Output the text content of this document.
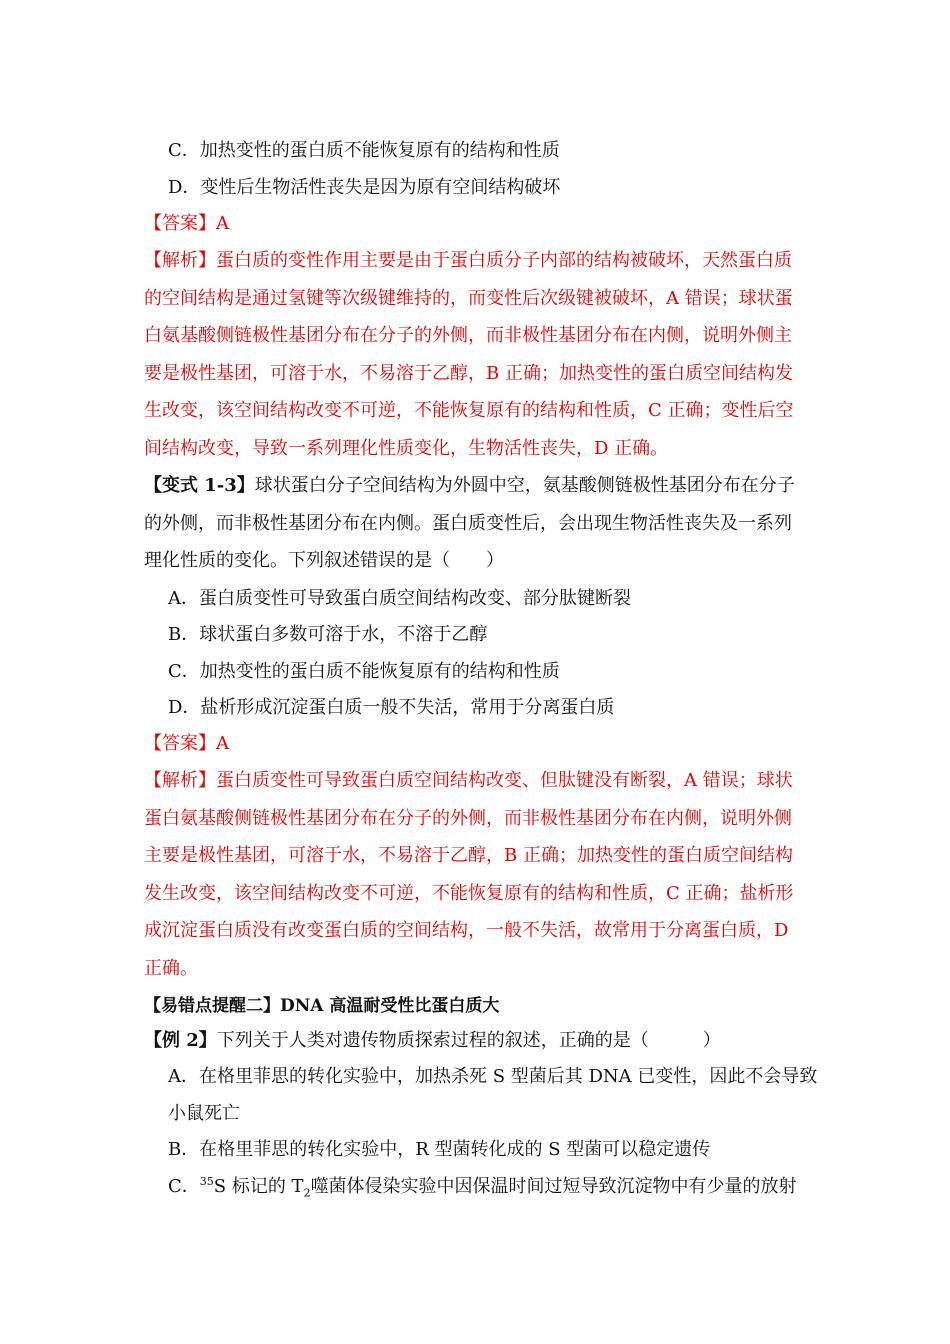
C．加热变性的蛋白质不能恢复原有的结构和性质
D．变性后生物活性丧失是因为原有空间结构破坏
【答案】A
【解析】蛋白质的变性作用主要是由于蛋白质分子内部的结构被破坏，天然蛋白质
的空间结构是通过氢键等次级键维持的，而变性后次级键被破坏，A 错误；球状蛋
白氨基酸侧链极性基团分布在分子的外侧，而非极性基团分布在内侧，说明外侧主
要是极性基团，可溶于水，不易溶于乙醇，B 正确；加热变性的蛋白质空间结构发
生改变，该空间结构改变不可逆，不能恢复原有的结构和性质，C 正确；变性后空
间结构改变，导致一系列理化性质变化，生物活性丧失，D 正确。
【变式 1-3】球状蛋白分子空间结构为外圆中空，氨基酸侧链极性基团分布在分子
的外侧，而非极性基团分布在内侧。蛋白质变性后，会出现生物活性丧失及一系列
理化性质的变化。下列叙述错误的是（　　）
A．蛋白质变性可导致蛋白质空间结构改变、部分肽键断裂
B．球状蛋白多数可溶于水，不溶于乙醇
C．加热变性的蛋白质不能恢复原有的结构和性质
D．盐析形成沉淀蛋白质一般不失活，常用于分离蛋白质
【答案】A
【解析】蛋白质变性可导致蛋白质空间结构改变、但肽键没有断裂，A 错误；球状
蛋白氨基酸侧链极性基团分布在分子的外侧，而非极性基团分布在内侧，说明外侧
主要是极性基团，可溶于水，不易溶于乙醇，B 正确；加热变性的蛋白质空间结构
发生改变，该空间结构改变不可逆，不能恢复原有的结构和性质，C 正确；盐析形
成沉淀蛋白质没有改变蛋白质的空间结构，一般不失活，故常用于分离蛋白质，D
正确。
【易错点提醒二】DNA 高温耐受性比蛋白质大
【例 2】下列关于人类对遗传物质探索过程的叙述，正确的是（　　　）
A．在格里菲思的转化实验中，加热杀死 S 型菌后其 DNA 已变性，因此不会导致
小鼠死亡
B．在格里菲思的转化实验中，R 型菌转化成的 S 型菌可以稳定遗传
C．$^{35}$S 标记的 $T_2$噬菌体侵染实验中因保温时间过短导致沉淀物中有少量的放射
